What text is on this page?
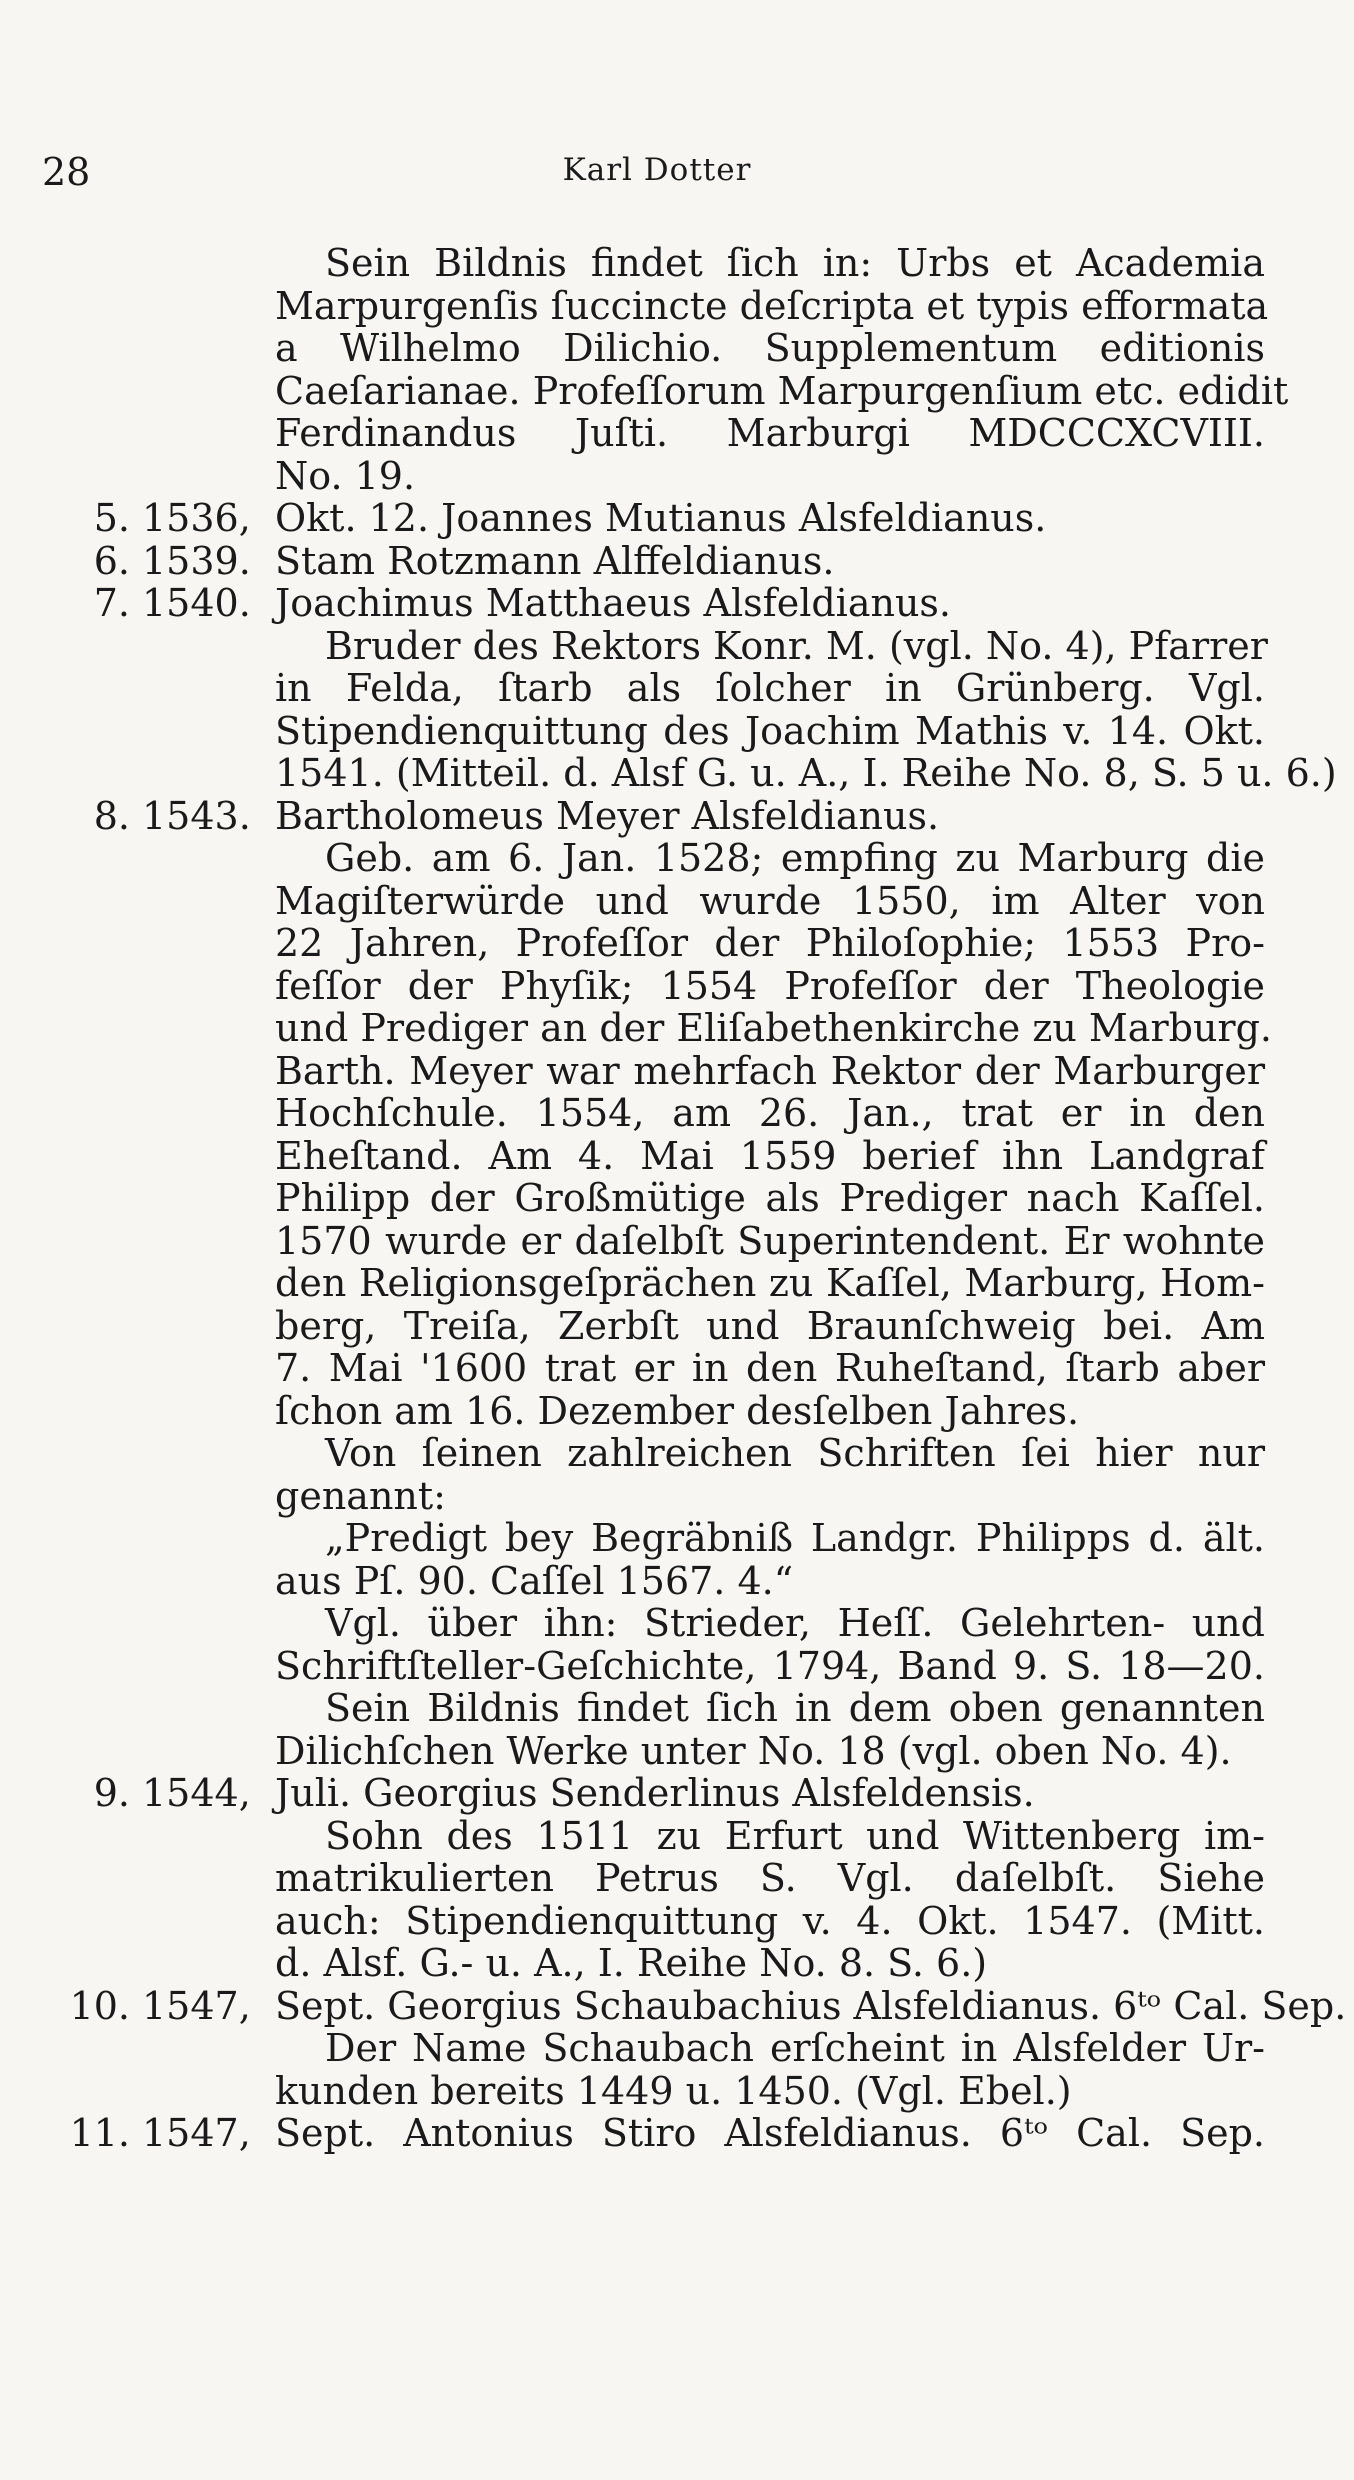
28	Karl Dotter
Sein Bildnis findet ſich in: Urbs et Academia
Marpurgenſis ſuccincte deſcripta et typis efformata
a Wilhelmo Dilichio. Supplementum editionis
Caeſarianae. Profeſſorum Marpurgenſium etc. edidit
Ferdinandus Juſti. Marburgi MDCCCXCVIII.
No. 19.
5. 1536, Okt. 12. Joannes Mutianus Alsfeldianus.
6. 1539. Stam Rotzmann Alffeldianus.
7. 1540. Joachimus Matthaeus Alsfeldianus.
Bruder des Rektors Konr. M. (vgl. No. 4), Pfarrer
in Felda, ſtarb als ſolcher in Grünberg. Vgl.
Stipendienquittung des Joachim Mathis v. 14. Okt.
1541. (Mitteil. d. Alsf G. u. A., I. Reihe No. 8, S. 5 u. 6.)
8. 1543. Bartholomeus Meyer Alsfeldianus.
Geb. am 6. Jan. 1528; empfing zu Marburg die
Magiſterwürde und wurde 1550, im Alter von
22 Jahren, Profeſſor der Philoſophie; 1553 Pro-
feſſor der Phyſik; 1554 Profeſſor der Theologie
und Prediger an der Eliſabethenkirche zu Marburg.
Barth. Meyer war mehrfach Rektor der Marburger
Hochſchule. 1554, am 26. Jan., trat er in den
Eheſtand. Am 4. Mai 1559 berief ihn Landgraf
Philipp der Großmütige als Prediger nach Kaſſel.
1570 wurde er daſelbſt Superintendent. Er wohnte
den Religionsgeſprächen zu Kaſſel, Marburg, Hom-
berg, Treiſa, Zerbſt und Braunſchweig bei. Am
7. Mai '1600 trat er in den Ruheſtand, ſtarb aber
ſchon am 16. Dezember desſelben Jahres.
Von ſeinen zahlreichen Schriften ſei hier nur
genannt:
„Predigt bey Begräbniß Landgr. Philipps d. ält.
aus Pſ. 90. Caſſel 1567. 4.“
Vgl. über ihn: Strieder, Heſſ. Gelehrten- und
Schriftſteller-Geſchichte, 1794, Band 9. S. 18—20.
Sein Bildnis findet ſich in dem oben genannten
Dilichſchen Werke unter No. 18 (vgl. oben No. 4).
9. 1544, Juli. Georgius Senderlinus Alsfeldensis.
Sohn des 1511 zu Erfurt und Wittenberg im-
matrikulierten Petrus S. Vgl. daſelbſt. Siehe
auch: Stipendienquittung v. 4. Okt. 1547. (Mitt.
d. Alsf. G.- u. A., I. Reihe No. 8. S. 6.)
10. 1547, Sept. Georgius Schaubachius Alsfeldianus. 6ᵗᵒ Cal. Sep.
Der Name Schaubach erſcheint in Alsfelder Ur-
kunden bereits 1449 u. 1450. (Vgl. Ebel.)
11. 1547, Sept. Antonius Stiro Alsfeldianus. 6ᵗᵒ Cal. Sep.
